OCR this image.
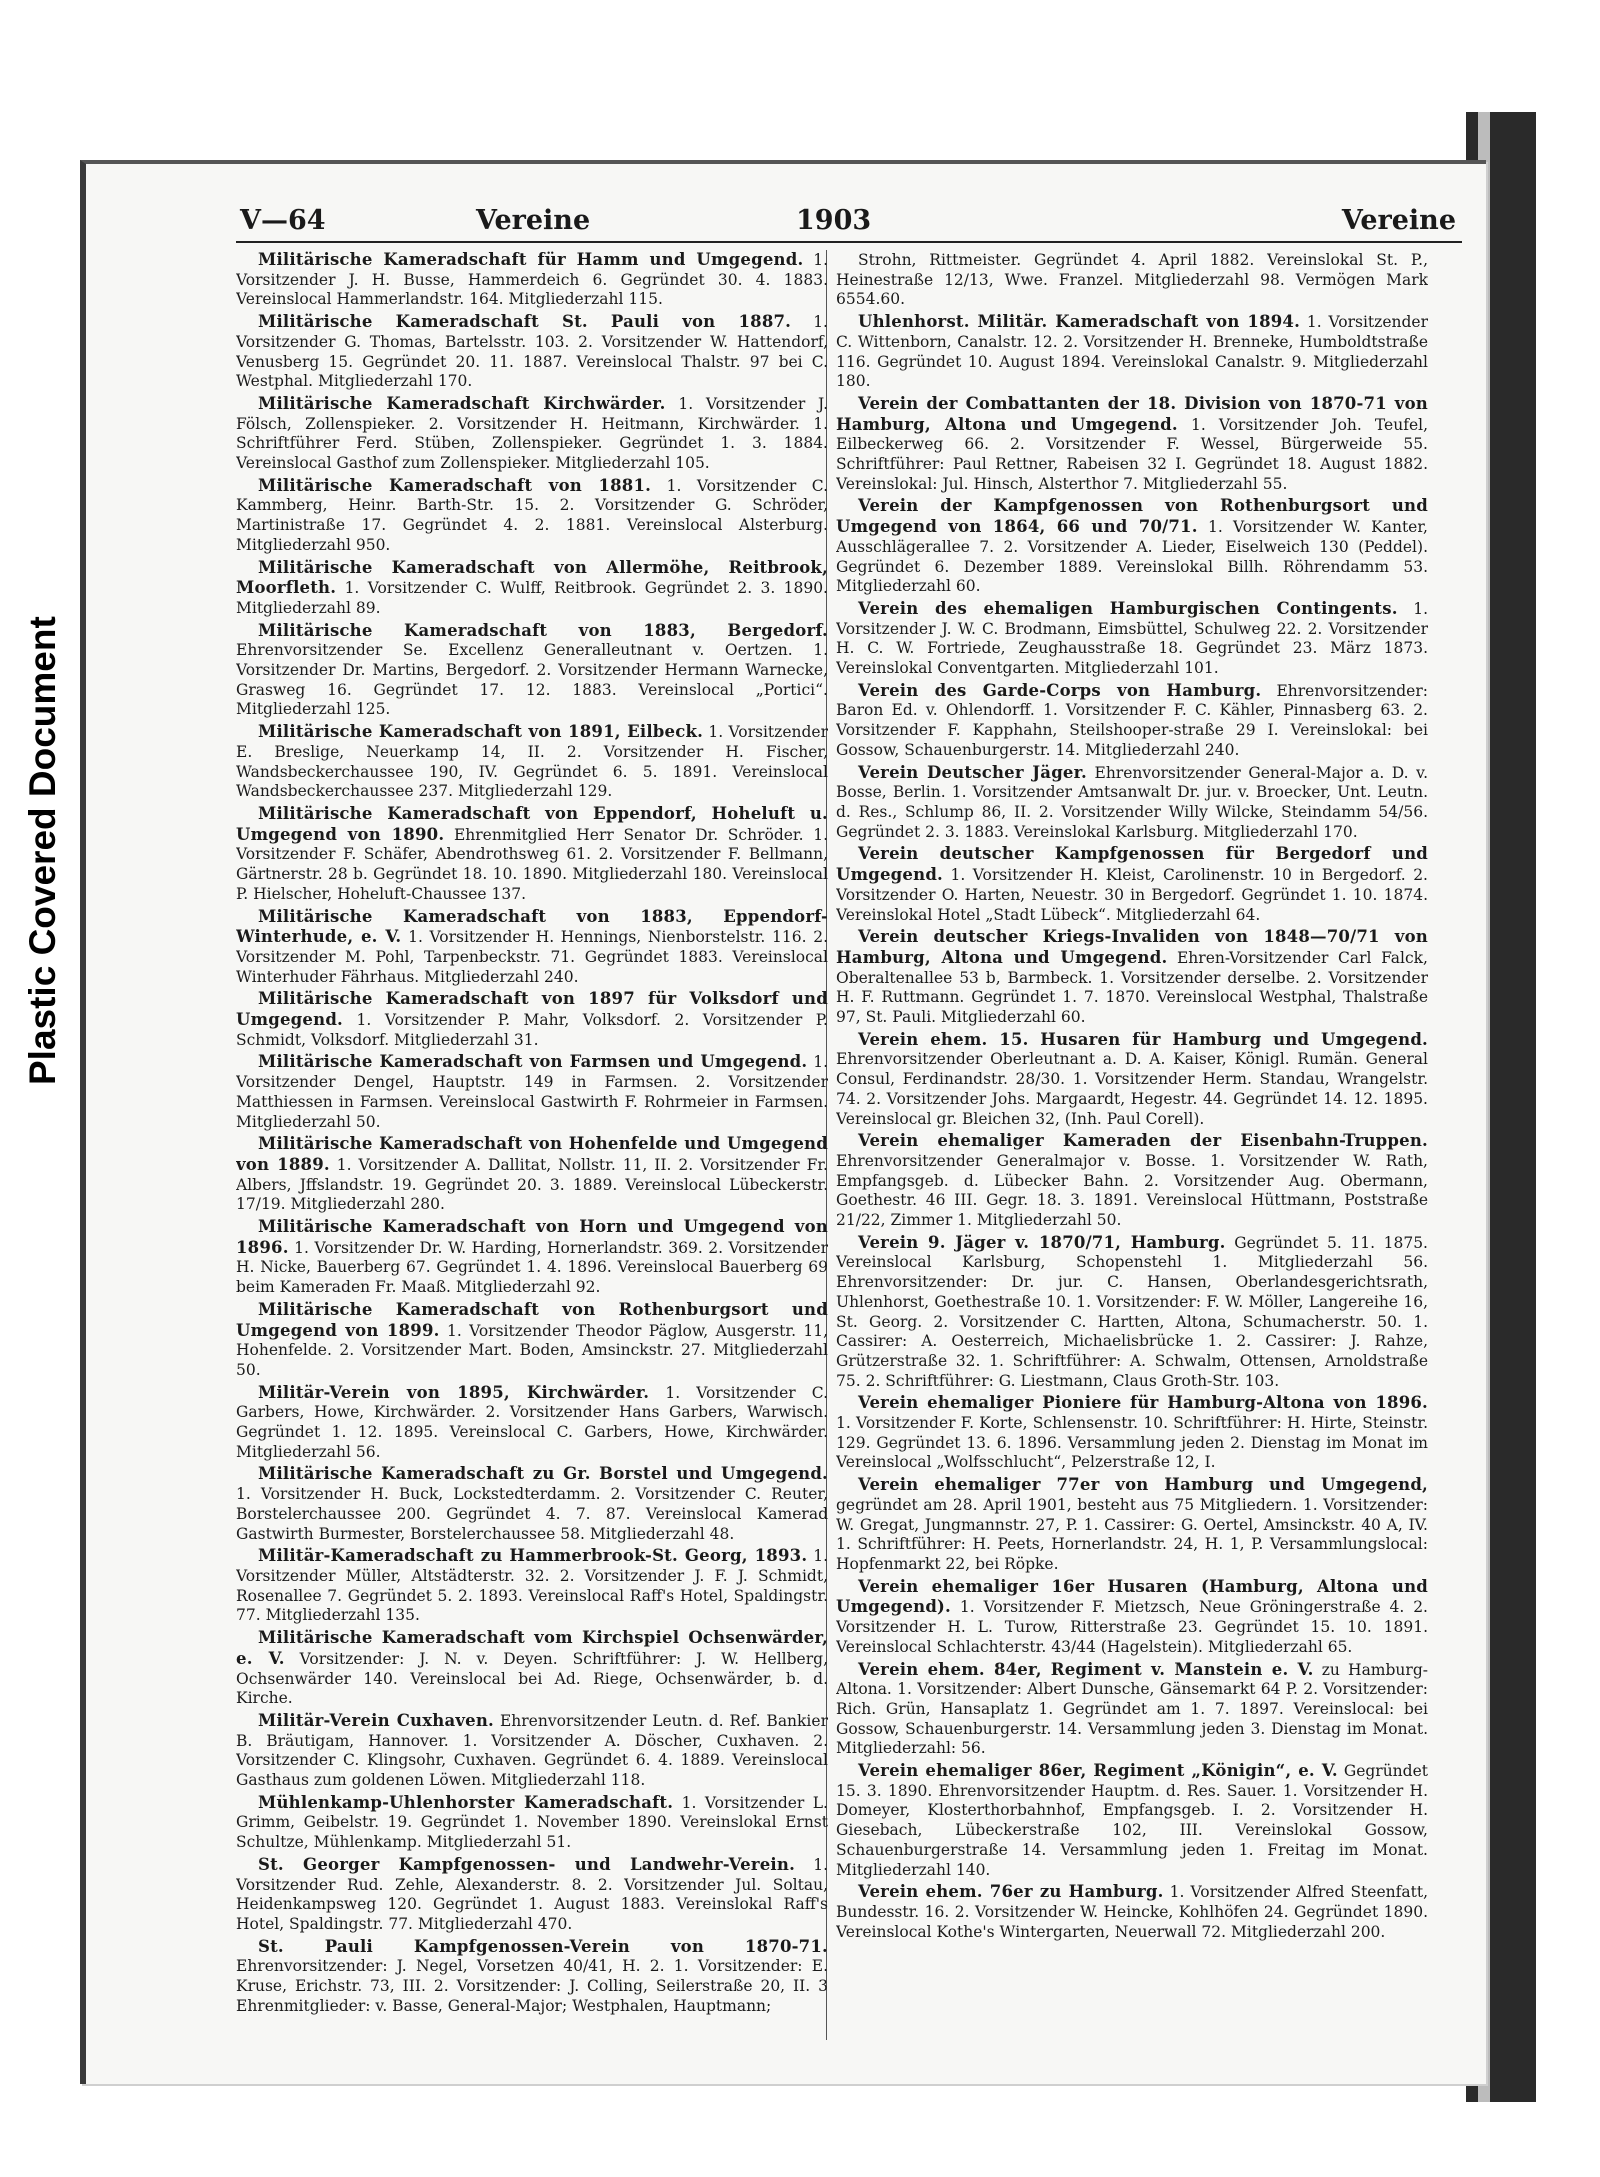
Plastic Covered Document
V—64	Vereine	1903	Vereine

Militärische Kameradschaft für Hamm und Umgegend. 1. Vorsitzender J. H. Busse, Hammerdeich 6. Gegründet 30. 4. 1883. Vereinslocal Hammerlandstr. 164. Mitgliederzahl 115.

Militärische Kameradschaft St. Pauli von 1887. 1. Vorsitzender G. Thomas, Bartelsstr. 103. 2. Vorsitzender W. Hattendorf, Venusberg 15. Gegründet 20. 11. 1887. Vereinslocal Thalstr. 97 bei C. Westphal. Mitgliederzahl 170.

Militärische Kameradschaft Kirchwärder. 1. Vorsitzender J. Fölsch, Zollenspieker. 2. Vorsitzender H. Heitmann, Kirchwärder. 1. Schriftführer Ferd. Stüben, Zollenspieker. Gegründet 1. 3. 1884. Vereinslocal Gasthof zum Zollenspieker. Mitgliederzahl 105.

Militärische Kameradschaft von 1881. 1. Vorsitzender C. Kammberg, Heinr. Barth-Str. 15. 2. Vorsitzender G. Schröder, Martinistraße 17. Gegründet 4. 2. 1881. Vereinslocal Alsterburg. Mitgliederzahl 950.

Militärische Kameradschaft von Allermöhe, Reitbrook, Moorfleth. 1. Vorsitzender C. Wulff, Reitbrook. Gegründet 2. 3. 1890. Mitgliederzahl 89.

Militärische Kameradschaft von 1883, Bergedorf. Ehrenvorsitzender Se. Excellenz Generalleutnant v. Oertzen. 1. Vorsitzender Dr. Martins, Bergedorf. 2. Vorsitzender Hermann Warnecke, Grasweg 16. Gegründet 17. 12. 1883. Vereinslocal „Portici“. Mitgliederzahl 125.

Militärische Kameradschaft von 1891, Eilbeck. 1. Vorsitzender E. Breslige, Neuerkamp 14, II. 2. Vorsitzender H. Fischer, Wandsbeckerchaussee 190, IV. Gegründet 6. 5. 1891. Vereinslocal Wandsbeckerchaussee 237. Mitgliederzahl 129.

Militärische Kameradschaft von Eppendorf, Hoheluft u. Umgegend von 1890. Ehrenmitglied Herr Senator Dr. Schröder. 1. Vorsitzender F. Schäfer, Abendrothsweg 61. 2. Vorsitzender F. Bellmann, Gärtnerstr. 28 b. Gegründet 18. 10. 1890. Mitgliederzahl 180. Vereinslocal P. Hielscher, Hoheluft-Chaussee 137.

Militärische Kameradschaft von 1883, Eppendorf-Winterhude, e. V. 1. Vorsitzender H. Hennings, Nienborstelstr. 116. 2. Vorsitzender M. Pohl, Tarpenbeckstr. 71. Gegründet 1883. Vereinslocal Winterhuder Fährhaus. Mitgliederzahl 240.

Militärische Kameradschaft von 1897 für Volksdorf und Umgegend. 1. Vorsitzender P. Mahr, Volksdorf. 2. Vorsitzender P. Schmidt, Volksdorf. Mitgliederzahl 31.

Militärische Kameradschaft von Farmsen und Umgegend. 1. Vorsitzender Dengel, Hauptstr. 149 in Farmsen. 2. Vorsitzender Matthiessen in Farmsen. Vereinslocal Gastwirth F. Rohrmeier in Farmsen. Mitgliederzahl 50.

Militärische Kameradschaft von Hohenfelde und Umgegend von 1889. 1. Vorsitzender A. Dallitat, Nollstr. 11, II. 2. Vorsitzender Fr. Albers, Jffslandstr. 19. Gegründet 20. 3. 1889. Vereinslocal Lübeckerstr. 17/19. Mitgliederzahl 280.

Militärische Kameradschaft von Horn und Umgegend von 1896. 1. Vorsitzender Dr. W. Harding, Hornerlandstr. 369. 2. Vorsitzender H. Nicke, Bauerberg 67. Gegründet 1. 4. 1896. Vereinslocal Bauerberg 69 beim Kameraden Fr. Maaß. Mitgliederzahl 92.

Militärische Kameradschaft von Rothenburgsort und Umgegend von 1899. 1. Vorsitzender Theodor Päglow, Ausgerstr. 11, Hohenfelde. 2. Vorsitzender Mart. Boden, Amsinckstr. 27. Mitgliederzahl 50.

Militär-Verein von 1895, Kirchwärder. 1. Vorsitzender C. Garbers, Howe, Kirchwärder. 2. Vorsitzender Hans Garbers, Warwisch. Gegründet 1. 12. 1895. Vereinslocal C. Garbers, Howe, Kirchwärder. Mitgliederzahl 56.

Militärische Kameradschaft zu Gr. Borstel und Umgegend. 1. Vorsitzender H. Buck, Lockstedterdamm. 2. Vorsitzender C. Reuter, Borstelerchaussee 200. Gegründet 4. 7. 87. Vereinslocal Kamerad Gastwirth Burmester, Borstelerchaussee 58. Mitgliederzahl 48.

Militär-Kameradschaft zu Hammerbrook-St. Georg, 1893. 1. Vorsitzender Müller, Altstädterstr. 32. 2. Vorsitzender J. F. J. Schmidt, Rosenallee 7. Gegründet 5. 2. 1893. Vereinslocal Raff's Hotel, Spaldingstr. 77. Mitgliederzahl 135.

Militärische Kameradschaft vom Kirchspiel Ochsenwärder, e. V. Vorsitzender: J. N. v. Deyen. Schriftführer: J. W. Hellberg, Ochsenwärder 140. Vereinslocal bei Ad. Riege, Ochsenwärder, b. d. Kirche.

Militär-Verein Cuxhaven. Ehrenvorsitzender Leutn. d. Ref. Bankier B. Bräutigam, Hannover. 1. Vorsitzender A. Döscher, Cuxhaven. 2. Vorsitzender C. Klingsohr, Cuxhaven. Gegründet 6. 4. 1889. Vereinslocal Gasthaus zum goldenen Löwen. Mitgliederzahl 118.

Mühlenkamp-Uhlenhorster Kameradschaft. 1. Vorsitzender L. Grimm, Geibelstr. 19. Gegründet 1. November 1890. Vereinslokal Ernst Schultze, Mühlenkamp. Mitgliederzahl 51.

St. Georger Kampfgenossen- und Landwehr-Verein. 1. Vorsitzender Rud. Zehle, Alexanderstr. 8. 2. Vorsitzender Jul. Soltau, Heidenkampsweg 120. Gegründet 1. August 1883. Vereinslokal Raff's Hotel, Spaldingstr. 77. Mitgliederzahl 470.

St. Pauli Kampfgenossen-Verein von 1870-71. Ehrenvorsitzender: J. Negel, Vorsetzen 40/41, H. 2. 1. Vorsitzender: E. Kruse, Erichstr. 73, III. 2. Vorsitzender: J. Colling, Seilerstraße 20, II. 3 Ehrenmitglieder: v. Basse, General-Major; Westphalen, Hauptmann;

Strohn, Rittmeister. Gegründet 4. April 1882. Vereinslokal St. P., Heinestraße 12/13, Wwe. Franzel. Mitgliederzahl 98. Vermögen Mark 6554.60.

Uhlenhorst. Militär. Kameradschaft von 1894. 1. Vorsitzender C. Wittenborn, Canalstr. 12. 2. Vorsitzender H. Brenneke, Humboldtstraße 116. Gegründet 10. August 1894. Vereinslokal Canalstr. 9. Mitgliederzahl 180.

Verein der Combattanten der 18. Division von 1870-71 von Hamburg, Altona und Umgegend. 1. Vorsitzender Joh. Teufel, Eilbeckerweg 66. 2. Vorsitzender F. Wessel, Bürgerweide 55. Schriftführer: Paul Rettner, Rabeisen 32 I. Gegründet 18. August 1882. Vereinslokal: Jul. Hinsch, Alsterthor 7. Mitgliederzahl 55.

Verein der Kampfgenossen von Rothenburgsort und Umgegend von 1864, 66 und 70/71. 1. Vorsitzender W. Kanter, Ausschlägerallee 7. 2. Vorsitzender A. Lieder, Eiselweich 130 (Peddel). Gegründet 6. Dezember 1889. Vereinslokal Billh. Röhrendamm 53. Mitgliederzahl 60.

Verein des ehemaligen Hamburgischen Contingents. 1. Vorsitzender J. W. C. Brodmann, Eimsbüttel, Schulweg 22. 2. Vorsitzender H. C. W. Fortriede, Zeughausstraße 18. Gegründet 23. März 1873. Vereinslokal Conventgarten. Mitgliederzahl 101.

Verein des Garde-Corps von Hamburg. Ehrenvorsitzender: Baron Ed. v. Ohlendorff. 1. Vorsitzender F. C. Kähler, Pinnasberg 63. 2. Vorsitzender F. Kapphahn, Steilshooper-straße 29 I. Vereinslokal: bei Gossow, Schauenburgerstr. 14. Mitgliederzahl 240.

Verein Deutscher Jäger. Ehrenvorsitzender General-Major a. D. v. Bosse, Berlin. 1. Vorsitzender Amtsanwalt Dr. jur. v. Broecker, Unt. Leutn. d. Res., Schlump 86, II. 2. Vorsitzender Willy Wilcke, Steindamm 54/56. Gegründet 2. 3. 1883. Vereinslokal Karlsburg. Mitgliederzahl 170.

Verein deutscher Kampfgenossen für Bergedorf und Umgegend. 1. Vorsitzender H. Kleist, Carolinenstr. 10 in Bergedorf. 2. Vorsitzender O. Harten, Neuestr. 30 in Bergedorf. Gegründet 1. 10. 1874. Vereinslokal Hotel „Stadt Lübeck“. Mitgliederzahl 64.

Verein deutscher Kriegs-Invaliden von 1848—70/71 von Hamburg, Altona und Umgegend. Ehren-Vorsitzender Carl Falck, Oberaltenallee 53 b, Barmbeck. 1. Vorsitzender derselbe. 2. Vorsitzender H. F. Ruttmann. Gegründet 1. 7. 1870. Vereinslocal Westphal, Thalstraße 97, St. Pauli. Mitgliederzahl 60.

Verein ehem. 15. Husaren für Hamburg und Umgegend. Ehrenvorsitzender Oberleutnant a. D. A. Kaiser, Königl. Rumän. General Consul, Ferdinandstr. 28/30. 1. Vorsitzender Herm. Standau, Wrangelstr. 74. 2. Vorsitzender Johs. Margaardt, Hegestr. 44. Gegründet 14. 12. 1895. Vereinslocal gr. Bleichen 32, (Inh. Paul Corell).

Verein ehemaliger Kameraden der Eisenbahn-Truppen. Ehrenvorsitzender Generalmajor v. Bosse. 1. Vorsitzender W. Rath, Empfangsgeb. d. Lübecker Bahn. 2. Vorsitzender Aug. Obermann, Goethestr. 46 III. Gegr. 18. 3. 1891. Vereinslocal Hüttmann, Poststraße 21/22, Zimmer 1. Mitgliederzahl 50.

Verein 9. Jäger v. 1870/71, Hamburg. Gegründet 5. 11. 1875. Vereinslocal Karlsburg, Schopenstehl 1. Mitgliederzahl 56. Ehrenvorsitzender: Dr. jur. C. Hansen, Oberlandesgerichtsrath, Uhlenhorst, Goethestraße 10. 1. Vorsitzender: F. W. Möller, Langereihe 16, St. Georg. 2. Vorsitzender C. Hartten, Altona, Schumacherstr. 50. 1. Cassirer: A. Oesterreich, Michaelisbrücke 1. 2. Cassirer: J. Rahze, Grützerstraße 32. 1. Schriftführer: A. Schwalm, Ottensen, Arnoldstraße 75. 2. Schriftführer: G. Liestmann, Claus Groth-Str. 103.

Verein ehemaliger Pioniere für Hamburg-Altona von 1896. 1. Vorsitzender F. Korte, Schlensenstr. 10. Schriftführer: H. Hirte, Steinstr. 129. Gegründet 13. 6. 1896. Versammlung jeden 2. Dienstag im Monat im Vereinslocal „Wolfsschlucht“, Pelzerstraße 12, I.

Verein ehemaliger 77er von Hamburg und Umgegend, gegründet am 28. April 1901, besteht aus 75 Mitgliedern. 1. Vorsitzender: W. Gregat, Jungmannstr. 27, P. 1. Cassirer: G. Oertel, Amsinckstr. 40 A, IV. 1. Schriftführer: H. Peets, Hornerlandstr. 24, H. 1, P. Versammlungslocal: Hopfenmarkt 22, bei Röpke.

Verein ehemaliger 16er Husaren (Hamburg, Altona und Umgegend). 1. Vorsitzender F. Mietzsch, Neue Gröningerstraße 4. 2. Vorsitzender H. L. Turow, Ritterstraße 23. Gegründet 15. 10. 1891. Vereinslocal Schlachterstr. 43/44 (Hagelstein). Mitgliederzahl 65.

Verein ehem. 84er, Regiment v. Manstein e. V. zu Hamburg-Altona. 1. Vorsitzender: Albert Dunsche, Gänsemarkt 64 P. 2. Vorsitzender: Rich. Grün, Hansaplatz 1. Gegründet am 1. 7. 1897. Vereinslocal: bei Gossow, Schauenburgerstr. 14. Versammlung jeden 3. Dienstag im Monat. Mitgliederzahl: 56.

Verein ehemaliger 86er, Regiment „Königin“, e. V. Gegründet 15. 3. 1890. Ehrenvorsitzender Hauptm. d. Res. Sauer. 1. Vorsitzender H. Domeyer, Klosterthorbahnhof, Empfangsgeb. I. 2. Vorsitzender H. Giesebach, Lübeckerstraße 102, III. Vereinslokal Gossow, Schauenburgerstraße 14. Versammlung jeden 1. Freitag im Monat. Mitgliederzahl 140.

Verein ehem. 76er zu Hamburg. 1. Vorsitzender Alfred Steenfatt, Bundesstr. 16. 2. Vorsitzender W. Heincke, Kohlhöfen 24. Gegründet 1890. Vereinslocal Kothe's Wintergarten, Neuerwall 72. Mitgliederzahl 200.
